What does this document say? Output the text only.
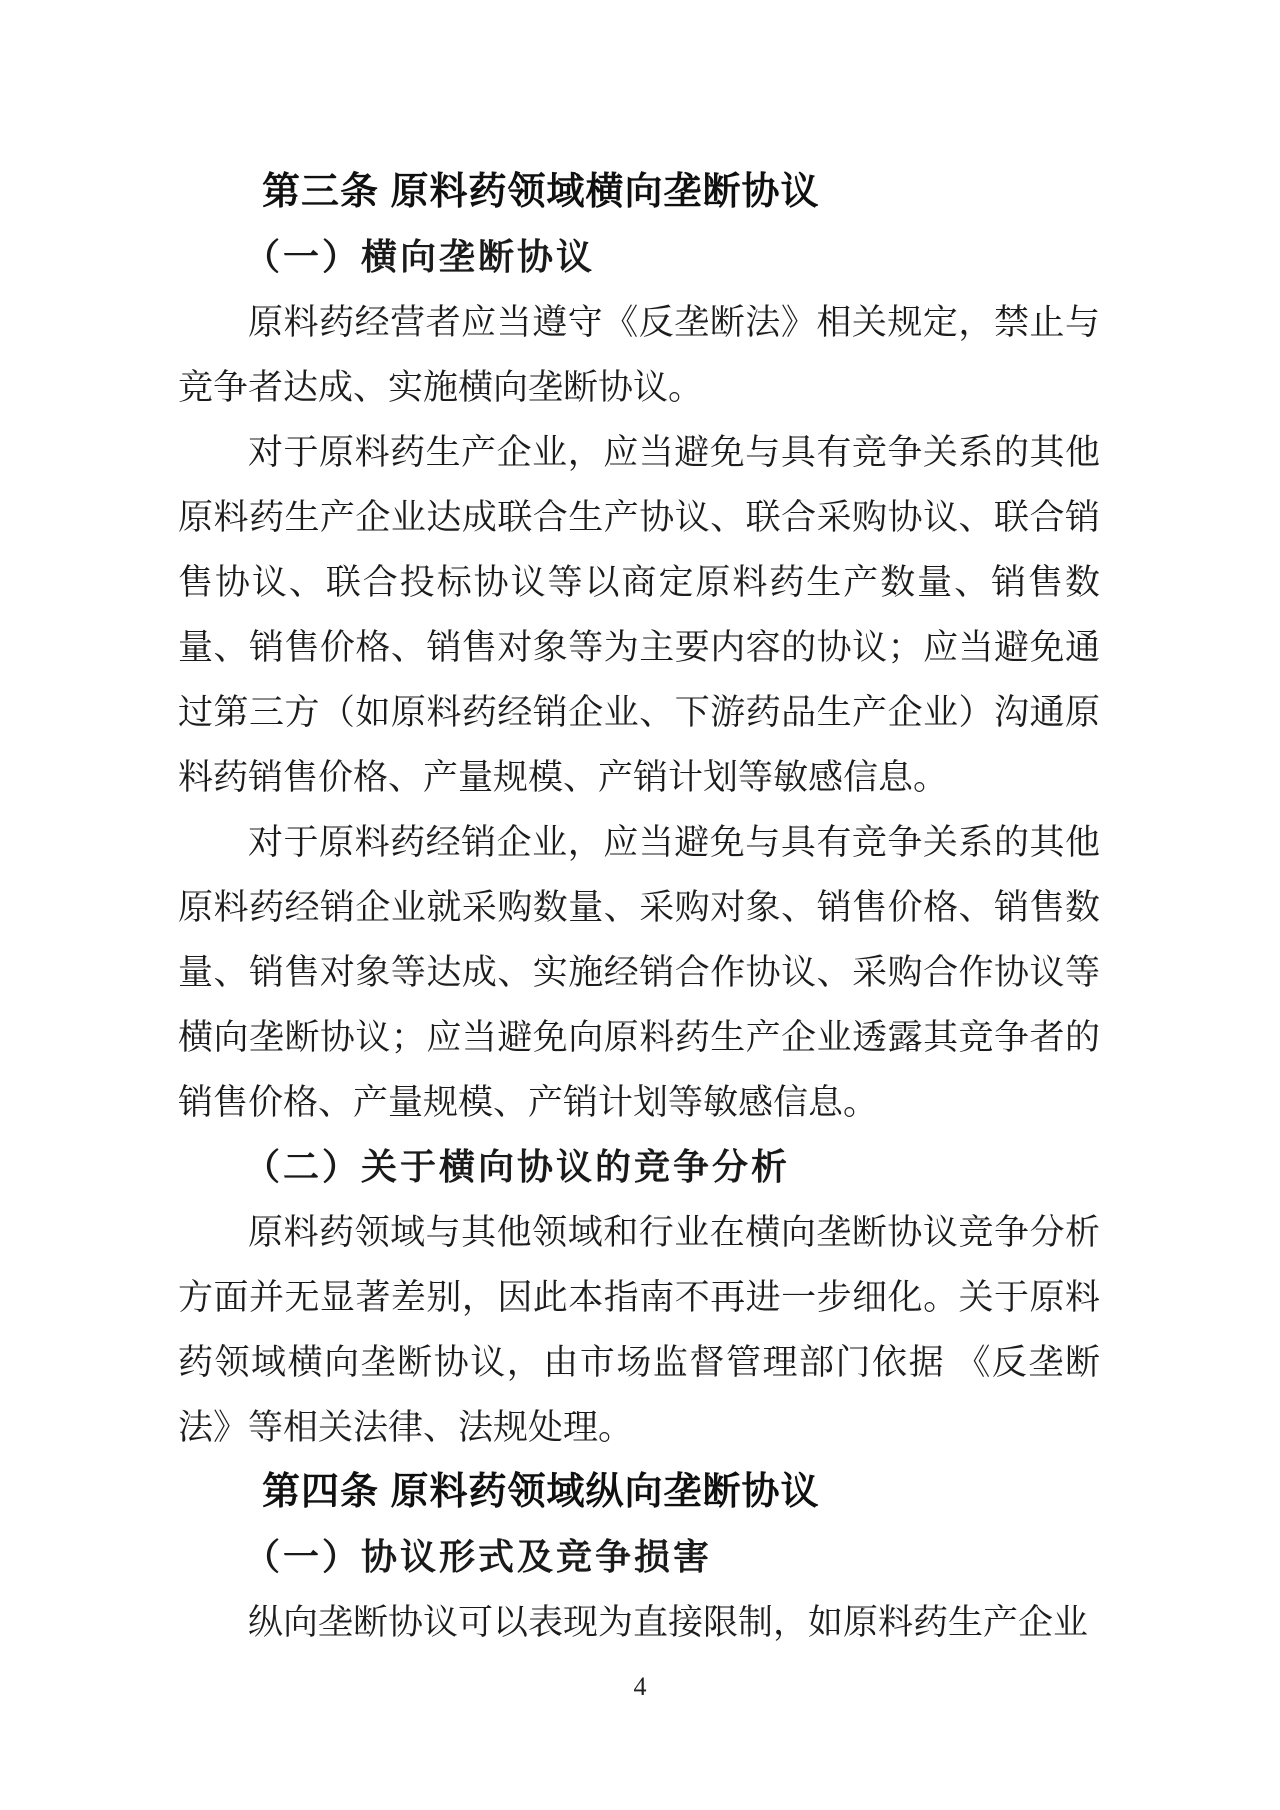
第三条 原料药领域横向垄断协议
（一）横向垄断协议
原料药经营者应当遵守《反垄断法》相关规定，禁止与竞争者达成、实施横向垄断协议。
对于原料药生产企业，应当避免与具有竞争关系的其他原料药生产企业达成联合生产协议、联合采购协议、联合销售协议、联合投标协议等以商定原料药生产数量、销售数量、销售价格、销售对象等为主要内容的协议；应当避免通过第三方（如原料药经销企业、下游药品生产企业）沟通原料药销售价格、产量规模、产销计划等敏感信息。
对于原料药经销企业，应当避免与具有竞争关系的其他原料药经销企业就采购数量、采购对象、销售价格、销售数量、销售对象等达成、实施经销合作协议、采购合作协议等横向垄断协议；应当避免向原料药生产企业透露其竞争者的销售价格、产量规模、产销计划等敏感信息。
（二）关于横向协议的竞争分析
原料药领域与其他领域和行业在横向垄断协议竞争分析方面并无显著差别，因此本指南不再进一步细化。关于原料药领域横向垄断协议，由市场监督管理部门依据 《反垄断法》等相关法律、法规处理。
第四条 原料药领域纵向垄断协议
（一）协议形式及竞争损害
纵向垄断协议可以表现为直接限制，如原料药生产企业
4
